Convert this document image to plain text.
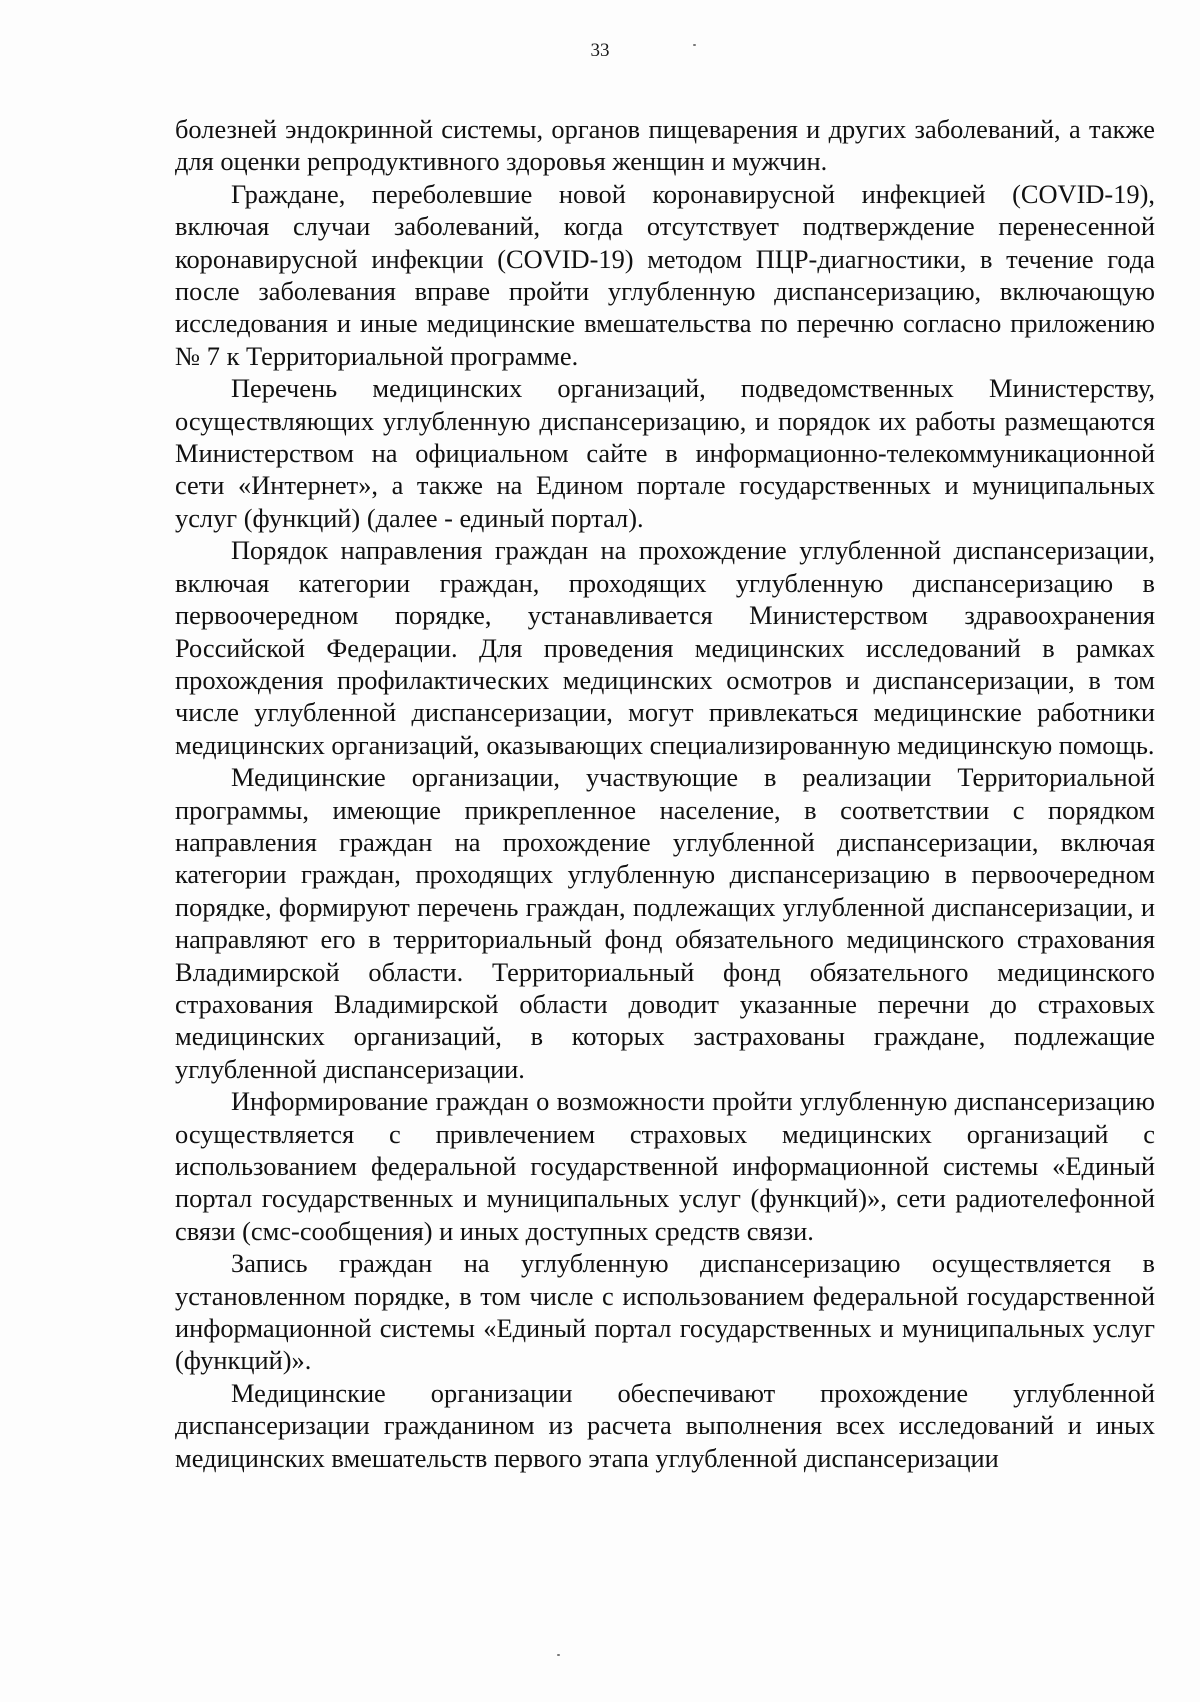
33

болезней эндокринной системы, органов пищеварения и других заболеваний, а также для оценки репродуктивного здоровья женщин и мужчин.

Граждане, переболевшие новой коронавирусной инфекцией (COVID-19), включая случаи заболеваний, когда отсутствует подтверждение перенесенной коронавирусной инфекции (COVID-19) методом ПЦР-диагностики, в течение года после заболевания вправе пройти углубленную диспансеризацию, включающую исследования и иные медицинские вмешательства по перечню согласно приложению № 7 к Территориальной программе.

Перечень медицинских организаций, подведомственных Министерству, осуществляющих углубленную диспансеризацию, и порядок их работы размещаются Министерством на официальном сайте в информационно-телекоммуникационной сети «Интернет», а также на Едином портале государственных и муниципальных услуг (функций) (далее - единый портал).

Порядок направления граждан на прохождение углубленной диспансеризации, включая категории граждан, проходящих углубленную диспансеризацию в первоочередном порядке, устанавливается Министерством здравоохранения Российской Федерации. Для проведения медицинских исследований в рамках прохождения профилактических медицинских осмотров и диспансеризации, в том числе углубленной диспансеризации, могут привлекаться медицинские работники медицинских организаций, оказывающих специализированную медицинскую помощь.

Медицинские организации, участвующие в реализации Территориальной программы, имеющие прикрепленное население, в соответствии с порядком направления граждан на прохождение углубленной диспансеризации, включая категории граждан, проходящих углубленную диспансеризацию в первоочередном порядке, формируют перечень граждан, подлежащих углубленной диспансеризации, и направляют его в территориальный фонд обязательного медицинского страхования Владимирской области. Территориальный фонд обязательного медицинского страхования Владимирской области доводит указанные перечни до страховых медицинских организаций, в которых застрахованы граждане, подлежащие углубленной диспансеризации.

Информирование граждан о возможности пройти углубленную диспансеризацию осуществляется с привлечением страховых медицинских организаций с использованием федеральной государственной информационной системы «Единый портал государственных и муниципальных услуг (функций)», сети радиотелефонной связи (смс-сообщения) и иных доступных средств связи.

Запись граждан на углубленную диспансеризацию осуществляется в установленном порядке, в том числе с использованием федеральной государственной информационной системы «Единый портал государственных и муниципальных услуг (функций)».

Медицинские организации обеспечивают прохождение углубленной диспансеризации гражданином из расчета выполнения всех исследований и иных медицинских вмешательств первого этапа углубленной диспансеризации
